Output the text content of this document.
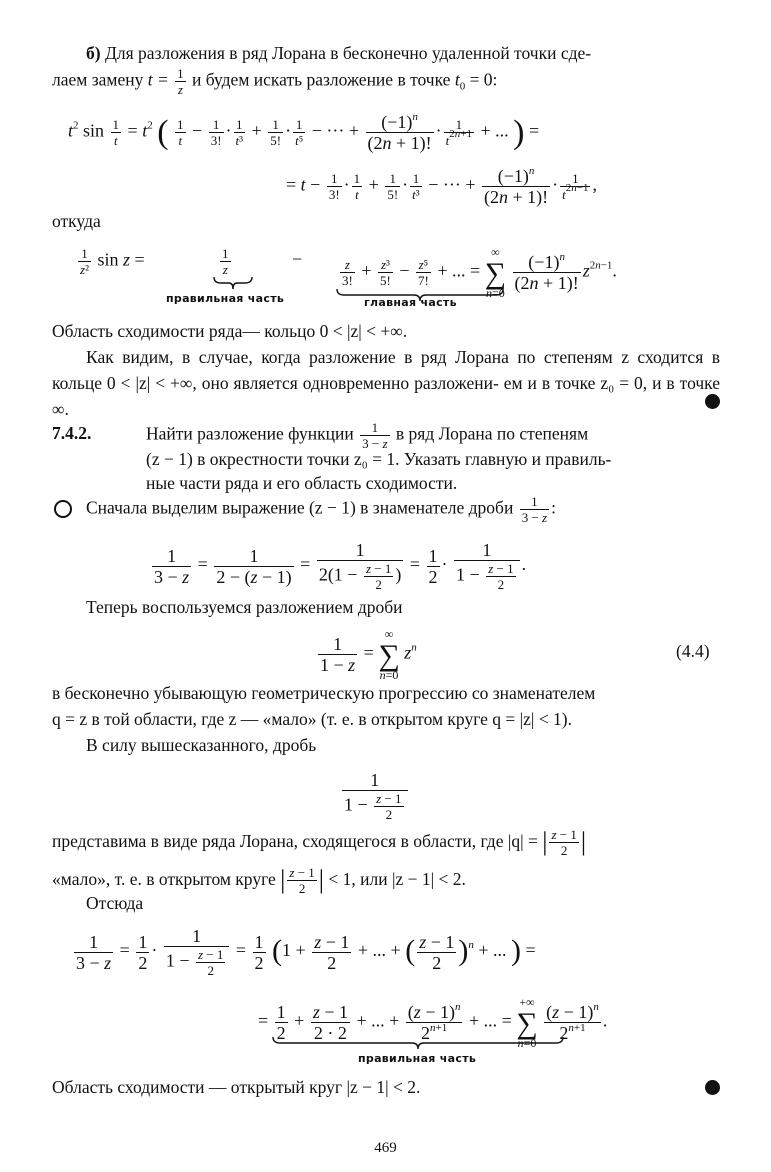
б) Для разложения в ряд Лорана в бесконечно удаленной точки сде-
лаем замену $t = \frac{1}{z}$ и будем искать разложение в точке $t_0 = 0$:
$t^2$ $\sin \frac{1}{t} = t^2$ ( $\frac{1}{t} - \frac{1}{3!} \cdot \frac{1}{\text{t³}} + \frac{1}{5!} \cdot \frac{1}{\text{t⁵}}$ − ··· + $\frac{(-1)^n}{(2n + 1)!} \cdot \frac{1}{t^{2n+1}}$ + ... ) =
= $t - \frac{1}{3!} \cdot \frac{1}{t} + \frac{1}{5!} \cdot \frac{1}{\text{t³}}$ − ··· + $\frac{(-1)^n}{(2n + 1)!} \cdot \frac{1}{t^{2n-1}}$ ,
откуда
$\frac{1}{\text{z²}}$ sin z =	$\frac{1}{z}$	−	$\frac{z}{3!} + \frac{\text{z³}}{5!} - \frac{\text{z⁵}}{7!}$ + ... =
∞
∑
n=0
$\frac{(-1)^n}{(2n + 1)!} z^{2n-1}$.
правильная часть	главная часть
Область сходимости ряда— кольцо 0 < |z| < +∞.
Как видим, в случае, когда разложение в ряд Лорана по степеням z сходится в кольце 0 < |z| < +∞, оно является одновременно разложени- ем и в точке z₀ = 0, и в точке ∞.
7.4.2.	Найти разложение функции $\frac{1}{3 - z}$ в ряд Лорана по степеням
(z − 1) в окрестности точки z₀ = 1. Указать главную и правиль-
ные части ряда и его область сходимости.
Сначала выделим выражение (z − 1) в знаменателе дроби $\frac{1}{3 - z}$ :
$\frac{1}{3 - z} = \frac{1}{2 - (z - 1)} = \frac{1}{2(1 - \frac{z - 1}{2} )} = \frac{1}{2} \cdot \frac{1}{1 - \frac{z - 1}{2}}$ .
Теперь воспользуемся разложением дроби
$\frac{1}{1 - z}$ =
∞
∑
n=0
$z^n$	(4.4)
в бесконечно убывающую геометрическую прогрессию со знаменателем
q = z в той области, где z — «мало» (т. е. в открытом круге q = |z| < 1).
В силу вышесказанного, дробь
$\frac{1}{1 - \frac{z - 1}{2}}$
представима в виде ряда Лорана, сходящегося в области, где |q| = | $\frac{z - 1}{2}$ |
«мало», т. е. в открытом круге | $\frac{z - 1}{2}$ | < 1, или |z − 1| < 2.
Отсюда
$\frac{1}{3 - z} = \frac{1}{2} \cdot \frac{1}{1 - \frac{z - 1}{2}} = \frac{1}{2} (1 + \frac{z - 1}{2}$ + ... + ( $\frac{z - 1}{2} )^n$ + ... ) =
= $\frac{1}{2} + \frac{z - 1}{2 \cdot 2}$ + ... + $\frac{(z - 1)^n}{2^{n+1}}$ + ... =
+∞
∑
n=0
$\frac{(z - 1)^n}{2^{n+1}}$ .
правильная часть
Область сходимости — открытый круг |z − 1| < 2.
469
